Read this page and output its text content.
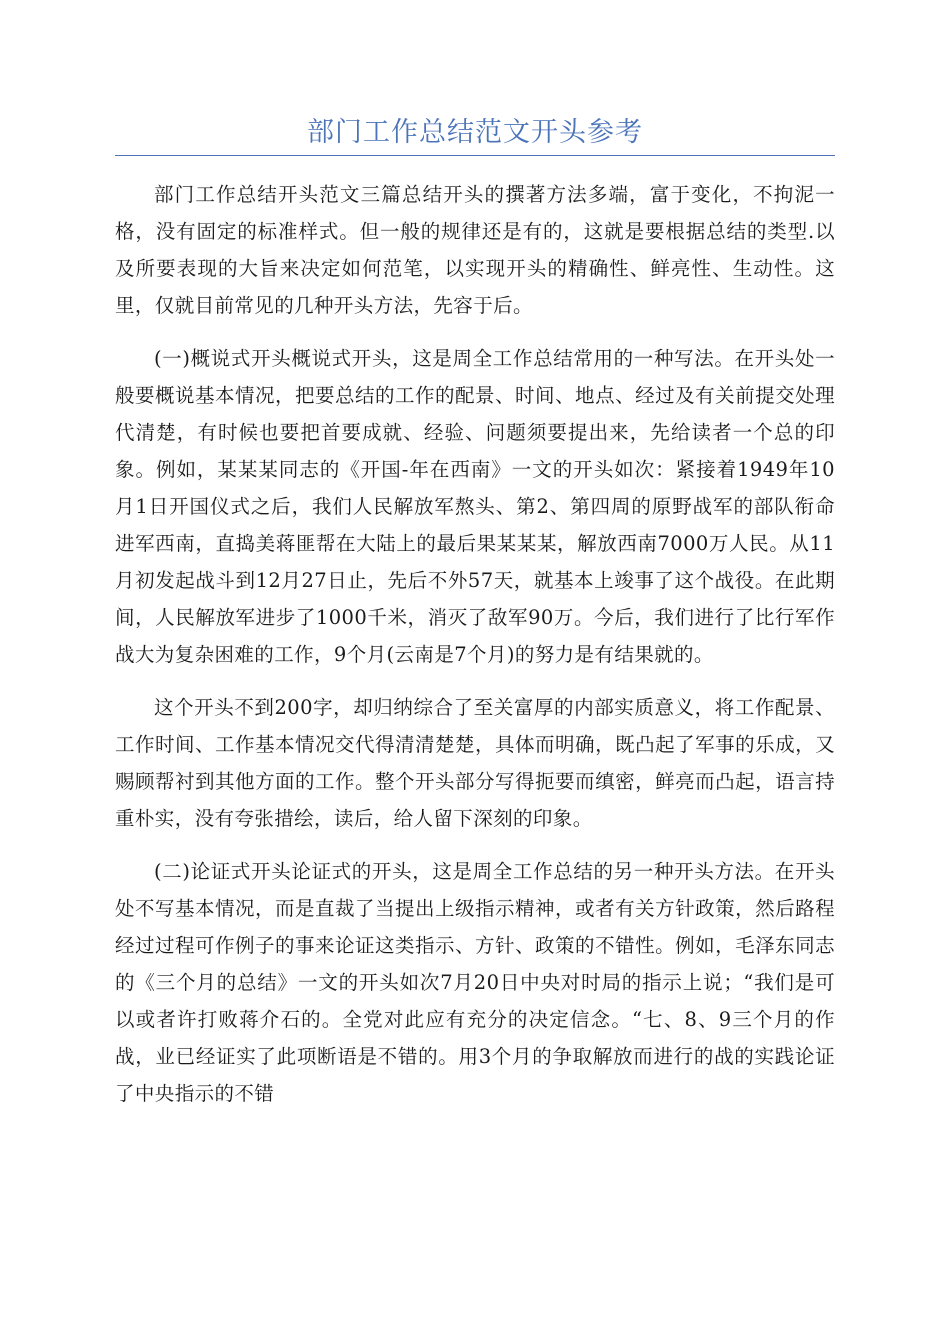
部门工作总结范文开头参考

部门工作总结开头范文三篇总结开头的撰著方法多端，富于变化，不拘泥一格，没有固定的标准样式。但一般的规律还是有的，这就是要根据总结的类型.以及所要表现的大旨来决定如何范笔，以实现开头的精确性、鲜亮性、生动性。这里，仅就目前常见的几种开头方法，先容于后。

(一)概说式开头概说式开头，这是周全工作总结常用的一种写法。在开头处一般要概说基本情况，把要总结的工作的配景、时间、地点、经过及有关前提交处理代清楚，有时候也要把首要成就、经验、问题须要提出来，先给读者一个总的印象。例如，某某某同志的《开国-年在西南》一文的开头如次：紧接着1949年10月1日开国仪式之后，我们人民解放军熬头、第2、第四周的原野战军的部队衔命进军西南，直捣美蒋匪帮在大陆上的最后果某某某，解放西南7000万人民。从11月初发起战斗到12月27日止，先后不外57天，就基本上竣事了这个战役。在此期间，人民解放军进步了1000千米，消灭了敌军90万。今后，我们进行了比行军作战大为复杂困难的工作，9个月(云南是7个月)的努力是有结果就的。

这个开头不到200字，却归纳综合了至关富厚的内部实质意义，将工作配景、工作时间、工作基本情况交代得清清楚楚，具体而明确，既凸起了军事的乐成，又赐顾帮衬到其他方面的工作。整个开头部分写得扼要而缜密，鲜亮而凸起，语言持重朴实，没有夸张措绘，读后，给人留下深刻的印象。

(二)论证式开头论证式的开头，这是周全工作总结的另一种开头方法。在开头处不写基本情况，而是直裁了当提出上级指示精神，或者有关方针政策，然后路程经过过程可作例子的事来论证这类指示、方针、政策的不错性。例如，毛泽东同志的《三个月的总结》一文的开头如次7月20日中央对时局的指示上说；“我们是可以或者许打败蒋介石的。全党对此应有充分的决定信念。“七、8、9三个月的作战，业已经证实了此项断语是不错的。用3个月的争取解放而进行的战的实践论证了中央指示的不错
